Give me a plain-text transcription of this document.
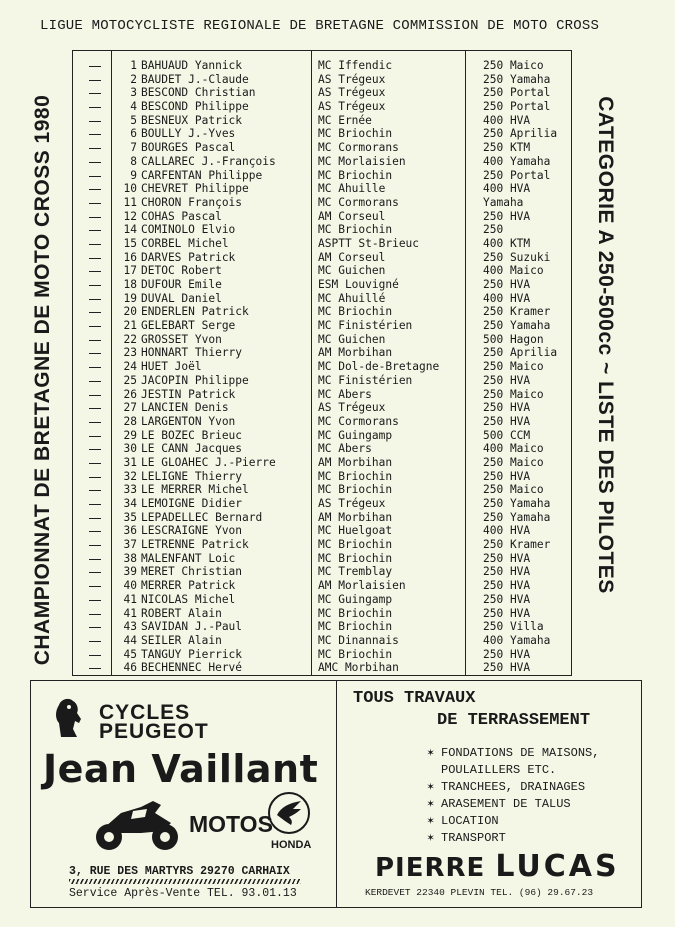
LIGUE MOTOCYCLISTE REGIONALE DE BRETAGNE COMMISSION DE MOTO CROSS
CHAMPIONNAT DE BRETAGNE DE MOTO CROSS 1980	CATEGORIE A 250-500cc ~ LISTE DES PILOTES
1 BAHUAUD Yannick	MC Iffendic	250 Maico
2 BAUDET J.-Claude	AS Trégeux	250 Yamaha
3 BESCOND Christian	AS Trégeux	250 Portal
4 BESCOND Philippe	AS Trégeux	250 Portal
5 BESNEUX Patrick	MC Ernée	400 HVA
6 BOULLY J.-Yves	MC Briochin	250 Aprilia
7 BOURGES Pascal	MC Cormorans	250 KTM
8 CALLAREC J.-François	MC Morlaisien	400 Yamaha
9 CARFENTAN Philippe	MC Briochin	250 Portal
10 CHEVRET Philippe	MC Ahuille	400 HVA
11 CHORON François	MC Cormorans	Yamaha
12 COHAS Pascal	AM Corseul	250 HVA
14 COMINOLO Elvio	MC Briochin	250
15 CORBEL Michel	ASPTT St-Brieuc	400 KTM
16 DARVES Patrick	AM Corseul	250 Suzuki
17 DETOC Robert	MC Guichen	400 Maico
18 DUFOUR Emile	ESM Louvigné	250 HVA
19 DUVAL Daniel	MC Ahuillé	400 HVA
20 ENDERLEN Patrick	MC Briochin	250 Kramer
21 GELEBART Serge	MC Finistérien	250 Yamaha
22 GROSSET Yvon	MC Guichen	500 Hagon
23 HONNART Thierry	AM Morbihan	250 Aprilia
24 HUET Joël	MC Dol-de-Bretagne	250 Maico
25 JACOPIN Philippe	MC Finistérien	250 HVA
26 JESTIN Patrick	MC Abers	250 Maico
27 LANCIEN Denis	AS Trégeux	250 HVA
28 LARGENTON Yvon	MC Cormorans	250 HVA
29 LE BOZEC Brieuc	MC Guingamp	500 CCM
30 LE CANN Jacques	MC Abers	400 Maico
31 LE GLOAHEC J.-Pierre	AM Morbihan	250 Maico
32 LELIGNE Thierry	MC Briochin	250 HVA
33 LE MERRER Michel	MC Briochin	250 Maico
34 LEMOIGNE Didier	AS Trégeux	250 Yamaha
35 LEPADELLEC Bernard	AM Morbihan	250 Yamaha
36 LESCRAIGNE Yvon	MC Huelgoat	400 HVA
37 LETRENNE Patrick	MC Briochin	250 Kramer
38 MALENFANT Loic	MC Briochin	250 HVA
39 MERET Christian	MC Tremblay	250 HVA
40 MERRER Patrick	AM Morlaisien	250 HVA
41 NICOLAS Michel	MC Guingamp	250 HVA
41 ROBERT Alain	MC Briochin	250 HVA
43 SAVIDAN J.-Paul	MC Briochin	250 Villa
44 SEILER Alain	MC Dinannais	400 Yamaha
45 TANGUY Pierrick	MC Briochin	250 HVA
46 BECHENNEC Hervé	AMC Morbihan	250 HVA
CYCLES
PEUGEOT
Jean Vaillant
MOTOS
HONDA
3, RUE DES MARTYRS 29270 CARHAIX
Service Après-Vente TEL. 93.01.13
TOUS TRAVAUX
DE TERRASSEMENT
✶ FONDATIONS DE MAISONS,
POULAILLERS ETC.
✶ TRANCHEES, DRAINAGES
✶ ARASEMENT DE TALUS
✶ LOCATION
✶ TRANSPORT
PIERRE LUCAS
KERDEVET 22340 PLEVIN TEL. (96) 29.67.23
